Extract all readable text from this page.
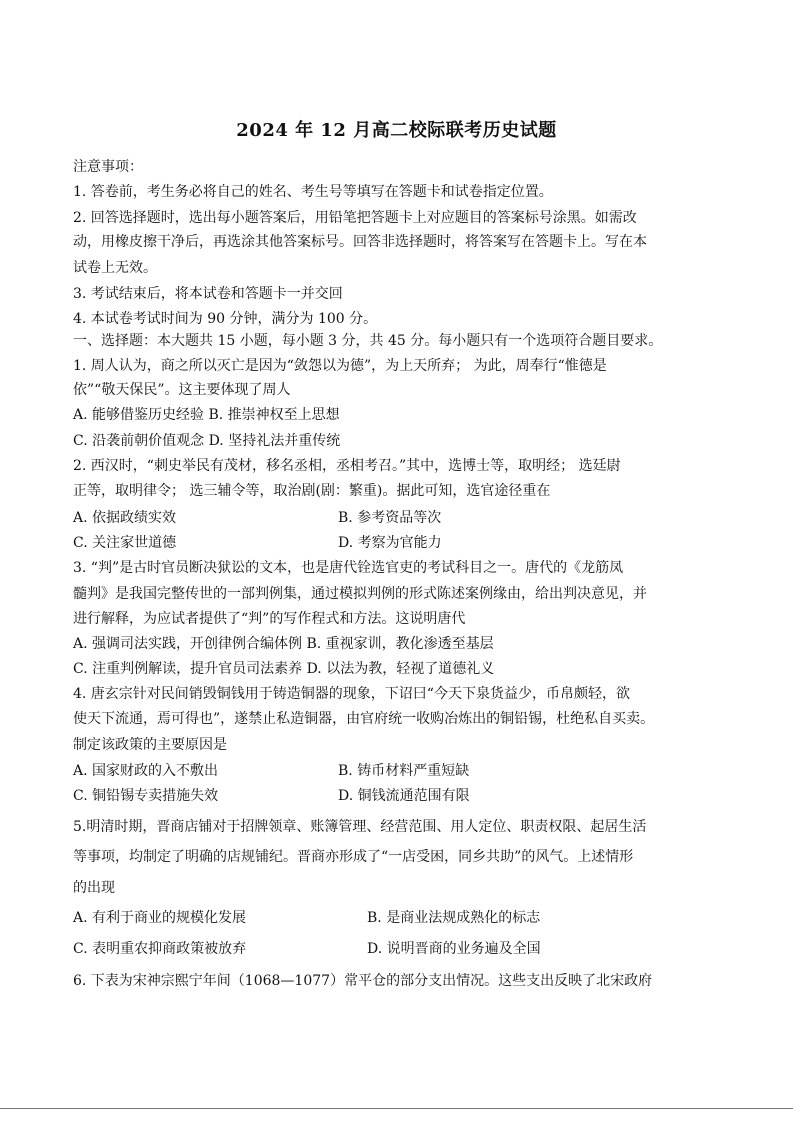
2024 年 12 月高二校际联考历史试题
注意事项：
1. 答卷前，考生务必将自己的姓名、考生号等填写在答题卡和试卷指定位置。
2. 回答选择题时，选出每小题答案后，用铅笔把答题卡上对应题目的答案标号涂黑。如需改
动，用橡皮擦干净后，再选涂其他答案标号。回答非选择题时，将答案写在答题卡上。写在本
试卷上无效。
3. 考试结束后，将本试卷和答题卡一并交回
4. 本试卷考试时间为 90 分钟，满分为 100 分。
一、选择题：本大题共 15 小题，每小题 3 分，共 45 分。每小题只有一个选项符合题目要求。
1. 周人认为，商之所以灭亡是因为“敛怨以为德”，为上天所弃； 为此，周奉行“惟德是
依”“敬天保民”。这主要体现了周人
A. 能够借鉴历史经验 B. 推崇神权至上思想
C. 沿袭前朝价值观念 D. 坚持礼法并重传统
2. 西汉时，“刺史举民有茂材，移名丞相，丞相考召。”其中，选博士等，取明经； 选廷尉
正等，取明律令； 选三辅令等，取治剧(剧：繁重)。据此可知，选官途径重在
A. 依据政绩实效	B. 参考资品等次
C. 关注家世道德	D. 考察为官能力
3. “判”是古时官员断决狱讼的文本，也是唐代铨选官吏的考试科目之一。唐代的《龙筋凤
髓判》是我国完整传世的一部判例集，通过模拟判例的形式陈述案例缘由，给出判决意见，并
进行解释，为应试者提供了“判”的写作程式和方法。这说明唐代
A. 强调司法实践，开创律例合编体例 B. 重视家训，教化渗透至基层
C. 注重判例解读，提升官员司法素养 D. 以法为教，轻视了道德礼义
4. 唐玄宗针对民间销毁铜钱用于铸造铜器的现象，下诏曰“今天下泉货益少，币帛颇轻，欲
使天下流通，焉可得也”，遂禁止私造铜器，由官府统一收购冶炼出的铜铅锡，杜绝私自买卖。
制定该政策的主要原因是
A. 国家财政的入不敷出	B. 铸币材料严重短缺
C. 铜铅锡专卖措施失效	D. 铜钱流通范围有限
5.明清时期，晋商店铺对于招牌领章、账簿管理、经营范围、用人定位、职责权限、起居生活
等事项，均制定了明确的店规铺纪。晋商亦形成了“一店受困，同乡共助”的风气。上述情形
的出现
A. 有利于商业的规模化发展	B. 是商业法规成熟化的标志
C. 表明重农抑商政策被放弃	D. 说明晋商的业务遍及全国
6. 下表为宋神宗熙宁年间（1068—1077）常平仓的部分支出情况。这些支出反映了北宋政府
